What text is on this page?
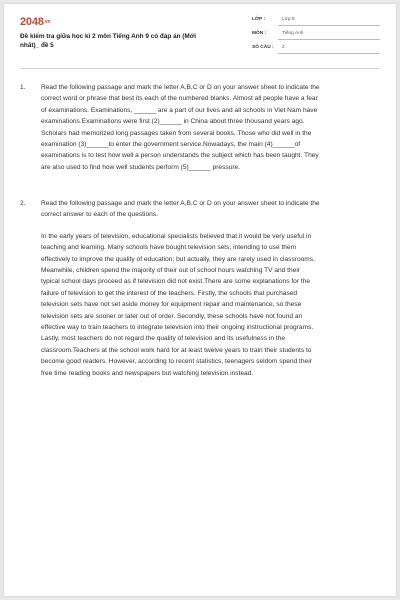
2048.vn
Đề kiểm tra giữa học kì 2 môn Tiếng Anh 9 có đáp án (Mới
nhất)_ đề 5
LỚP :	Lớp 9
MÔN :	Tiếng Anh
SỐ CÂU : 2
1. Read the following passage and mark the letter A,B,C or D on your answer sheet to indicate the
correct word or phrase that best its each of the numbered blanks. Almost all people have a fear
of examinations. Examinations, ______ are a part of our lives and all schools in Viet Nam have
examinations.Examinations were first (2)______ in China about three thousand years ago.
Scholars had memorized long passages taken from several books. Those who did well in the
examination (3)______to enter the government service.Nowadays, the main (4)______of
examinations is to test how well a person understands the subject which has been taught. They
are also used to find how well students perform (5)______ pressure.
2. Read the following passage and mark the letter A,B,C or D on your answer sheet to indicate the
correct answer to each of the questions.
In the early years of television, educational specialists believed that it would be very useful in
teaching and learning. Many schools have bought television sets, intending to use them
effectively to improve the quality of education; but actually, they are rarely used in classrooms.
Meanwhile, children spend the majority of their out of school hours watching TV and their
typical school days proceed as if television did not exist.There are some explanations for the
failure of television to get the interest of the teachers. Firstly, the schools that purchased
television sets have not set aside money for equipment repair and maintenance, so these
television sets are sooner or later out of order. Secondly, these schools have not found an
effective way to train teachers to integrate television into their ongoing instructional programs.
Lastly, most teachers do not regard the quality of television and its usefulness in the
classroom.Teachers at the school work hard for at least twelve years to train their students to
become good readers. However, according to recent statistics, teenagers seldom spend their
free time reading books and newspapers but watching television instead.
